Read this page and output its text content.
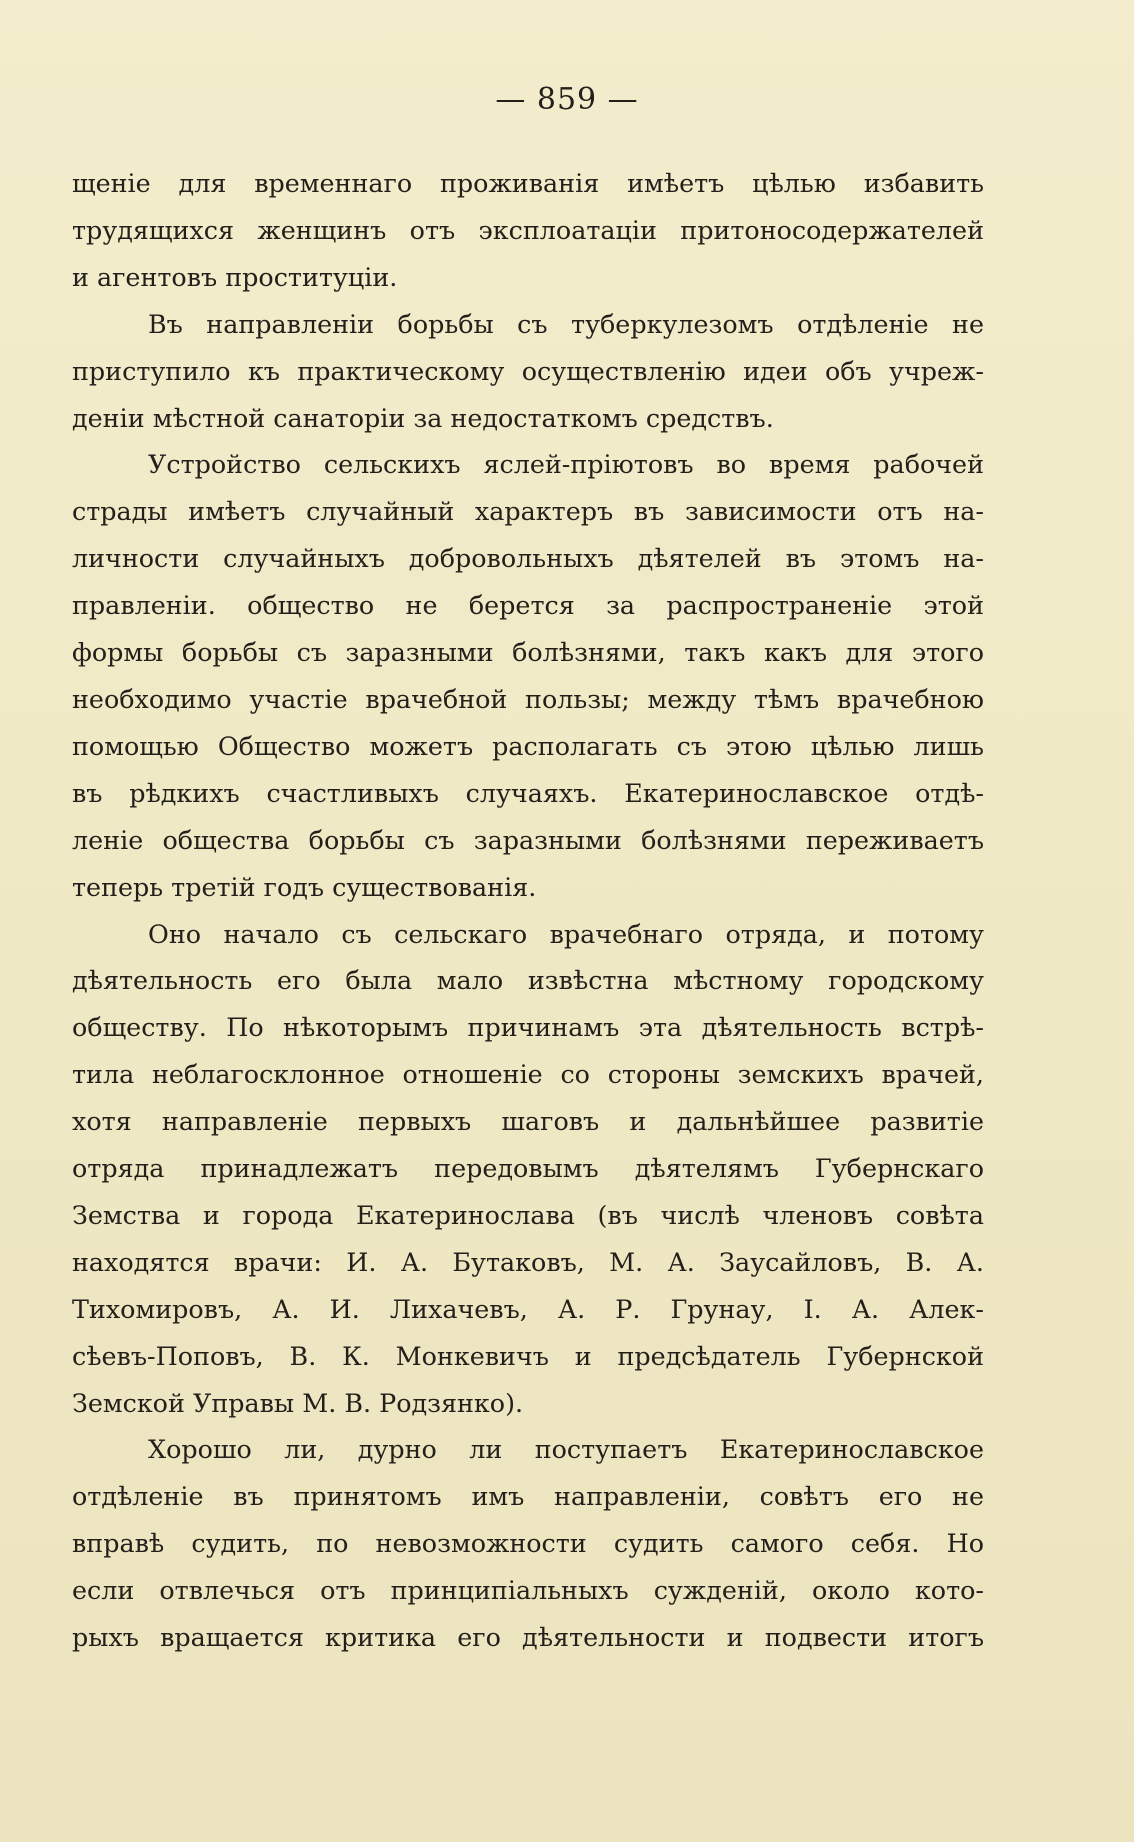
— 859 —

щеніе для временнаго проживанія имѣетъ цѣлью избавить
трудящихся женщинъ отъ эксплоатаціи притоносодержателей
и агентовъ проституціи.

Въ направленіи борьбы съ туберкулезомъ отдѣленіе не
приступило къ практическому осуществленію идеи объ учреж-
деніи мѣстной санаторіи за недостаткомъ средствъ.

Устройство сельскихъ яслей-пріютовъ во время рабочей
страды имѣетъ случайный характеръ въ зависимости отъ на-
личности случайныхъ добровольныхъ дѣятелей въ этомъ на-
правленіи. общество не берется за распространеніе этой
формы борьбы съ заразными болѣзнями, такъ какъ для этого
необходимо участіе врачебной пользы; между тѣмъ врачебною
помощью Общество можетъ располагать съ этою цѣлью лишь
въ рѣдкихъ счастливыхъ случаяхъ. Екатеринославское отдѣ-
леніе общества борьбы съ заразными болѣзнями переживаетъ
теперь третій годъ существованія.

Оно начало съ сельскаго врачебнаго отряда, и потому
дѣятельность его была мало извѣстна мѣстному городскому
обществу. По нѣкоторымъ причинамъ эта дѣятельность встрѣ-
тила неблагосклонное отношеніе со стороны земскихъ врачей,
хотя направленіе первыхъ шаговъ и дальнѣйшее развитіе
отряда принадлежатъ передовымъ дѣятелямъ Губернскаго
Земства и города Екатеринослава (въ числѣ членовъ совѣта
находятся врачи: И. А. Бутаковъ, М. А. Заусайловъ, В. А.
Тихомировъ, А. И. Лихачевъ, А. Р. Грунау, І. А. Алек-
сѣевъ-Поповъ, В. К. Монкевичъ и предсѣдатель Губернской
Земской Управы М. В. Родзянко).

Хорошо ли, дурно ли поступаетъ Екатеринославское
отдѣленіе въ принятомъ имъ направленіи, совѣтъ его не
вправѣ судить, по невозможности судить самого себя. Но
если отвлечься отъ принципіальныхъ сужденій, около кото-
рыхъ вращается критика его дѣятельности и подвести итогъ
